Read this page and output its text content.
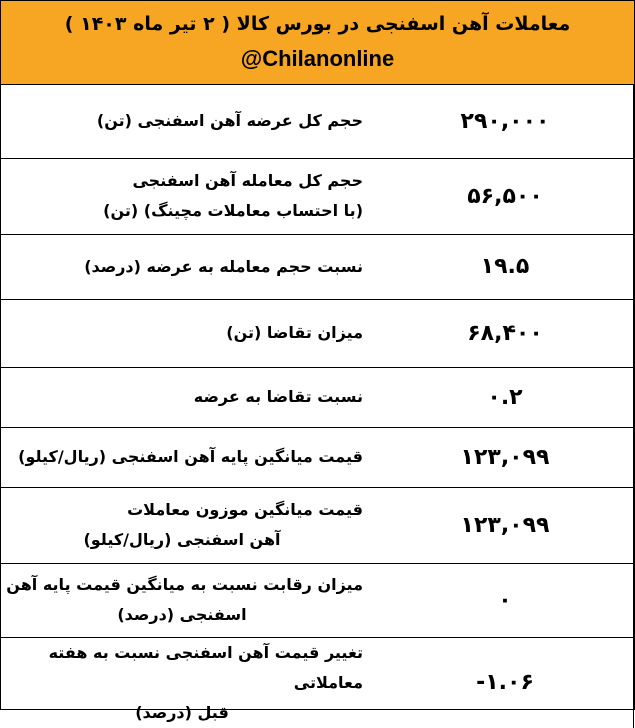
معاملات آهن اسفنجی در بورس کالا ( ۲ تیر ماه ۱۴۰۳ )
@Chilanonline
حجم کل عرضه آهن اسفنجی (تن)	۲۹۰,۰۰۰

حجم کل معامله آهن اسفنجی
(با احتساب معاملات مچینگ) (تن)	۵۶,۵۰۰

نسبت حجم معامله به عرضه (درصد)	۱۹.۵

میزان تقاضا (تن)	۶۸,۴۰۰

نسبت تقاضا به عرضه	۰.۲

قیمت میانگین پایه آهن اسفنجی (ریال/کیلو)	۱۲۳,۰۹۹

قیمت میانگین موزون معاملات
آهن اسفنجی (ریال/کیلو)	۱۲۳,۰۹۹

میزان رقابت نسبت به میانگین قیمت پایه آهن
اسفنجی (درصد)	۰

تغییر قیمت آهن اسفنجی نسبت به هفته معاملاتی
قبل (درصد)	-۱.۰۶
